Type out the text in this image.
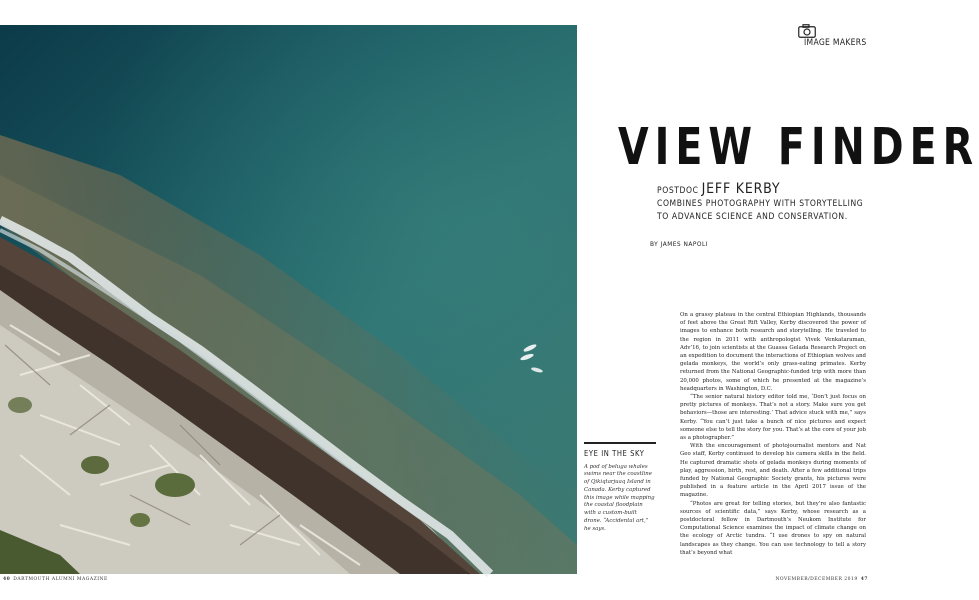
IMAGE MAKERS
VIEW FINDER
POSTDOC JEFF KERBY
COMBINES PHOTOGRAPHY WITH STORYTELLING
TO ADVANCE SCIENCE AND CONSERVATION.
BY JAMES NAPOLI

On a grassy plateau in the central Ethiopian Highlands, thousands of feet above the Great Rift Valley, Kerby discovered the power of images to enhance both research and storytelling. He traveled to the region in 2011 with anthropologist Vivek Venkataraman, Adv’16, to join scientists at the Guassa Gelada Research Project on an expedition to document the interactions of Ethiopian wolves and gelada monkeys, the world’s only grass-eating primates. Kerby returned from the National Geographic-funded trip with more than 20,000 photos, some of which he presented at the magazine’s headquarters in Washington, D.C.

“The senior natural history editor told me, ‘Don’t just focus on pretty pictures of monkeys. That’s not a story. Make sure you get behaviors—those are interesting.’ That advice stuck with me,” says Kerby. “You can’t just take a bunch of nice pictures and expect someone else to tell the story for you. That’s at the core of your job as a photographer.”

With the encouragement of photojournalist mentors and Nat Geo staff, Kerby continued to develop his camera skills in the field. He captured dramatic shots of gelada monkeys during moments of play, aggression, birth, rest, and death. After a few additional trips funded by National Geographic Society grants, his pictures were published in a feature article in the April 2017 issue of the magazine.

“Photos are great for telling stories, but they’re also fantastic sources of scientific data,” says Kerby, whose research as a postdoctoral fellow in Dartmouth’s Neukom Institute for Computational Science examines the impact of climate change on the ecology of Arctic tundra. “I use drones to spy on natural landscapes as they change. You can use technology to tell a story that’s beyond what

EYE IN THE SKY
A pod of beluga whales swims near the coastline of Qikiqtarjuaq Island in Canada. Kerby captured this image while mapping the coastal floodplain with a custom-built drone. “Accidental art,” he says.
40 DARTMOUTH ALUMNI MAGAZINE	NOVEMBER/DECEMBER 2019 47
